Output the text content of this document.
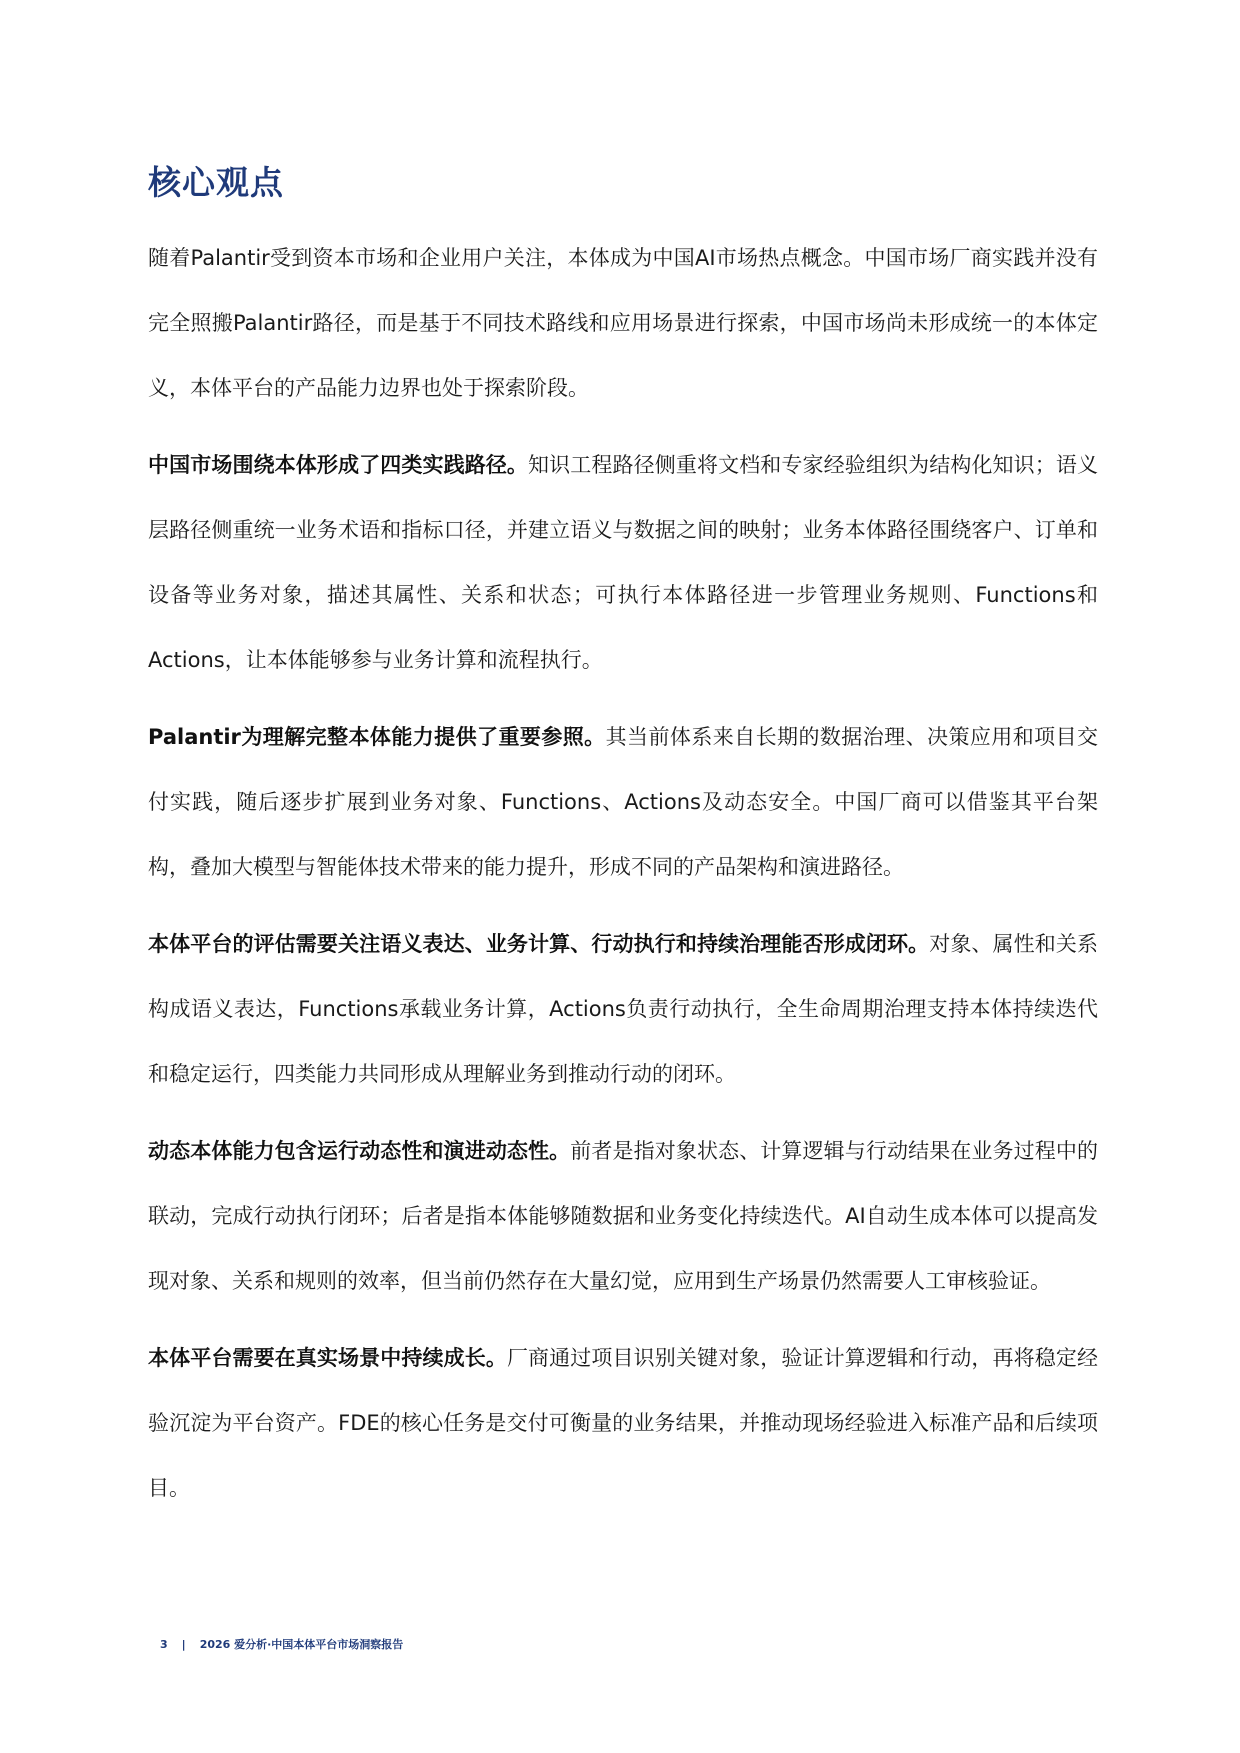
核心观点

随着Palantir受到资本市场和企业用户关注，本体成为中国AI市场热点概念。中国市场厂商实践并没有完全照搬Palantir路径，而是基于不同技术路线和应用场景进行探索，中国市场尚未形成统一的本体定义，本体平台的产品能力边界也处于探索阶段。

中国市场围绕本体形成了四类实践路径。知识工程路径侧重将文档和专家经验组织为结构化知识；语义层路径侧重统一业务术语和指标口径，并建立语义与数据之间的映射；业务本体路径围绕客户、订单和设备等业务对象，描述其属性、关系和状态；可执行本体路径进一步管理业务规则、Functions和Actions，让本体能够参与业务计算和流程执行。

Palantir为理解完整本体能力提供了重要参照。其当前体系来自长期的数据治理、决策应用和项目交付实践，随后逐步扩展到业务对象、Functions、Actions及动态安全。中国厂商可以借鉴其平台架构，叠加大模型与智能体技术带来的能力提升，形成不同的产品架构和演进路径。

本体平台的评估需要关注语义表达、业务计算、行动执行和持续治理能否形成闭环。对象、属性和关系构成语义表达，Functions承载业务计算，Actions负责行动执行，全生命周期治理支持本体持续迭代和稳定运行，四类能力共同形成从理解业务到推动行动的闭环。

动态本体能力包含运行动态性和演进动态性。前者是指对象状态、计算逻辑与行动结果在业务过程中的联动，完成行动执行闭环；后者是指本体能够随数据和业务变化持续迭代。AI自动生成本体可以提高发现对象、关系和规则的效率，但当前仍然存在大量幻觉，应用到生产场景仍然需要人工审核验证。

本体平台需要在真实场景中持续成长。厂商通过项目识别关键对象，验证计算逻辑和行动，再将稳定经验沉淀为平台资产。FDE的核心任务是交付可衡量的业务结果，并推动现场经验进入标准产品和后续项目。

3 | 2026 爱分析·中国本体平台市场洞察报告
